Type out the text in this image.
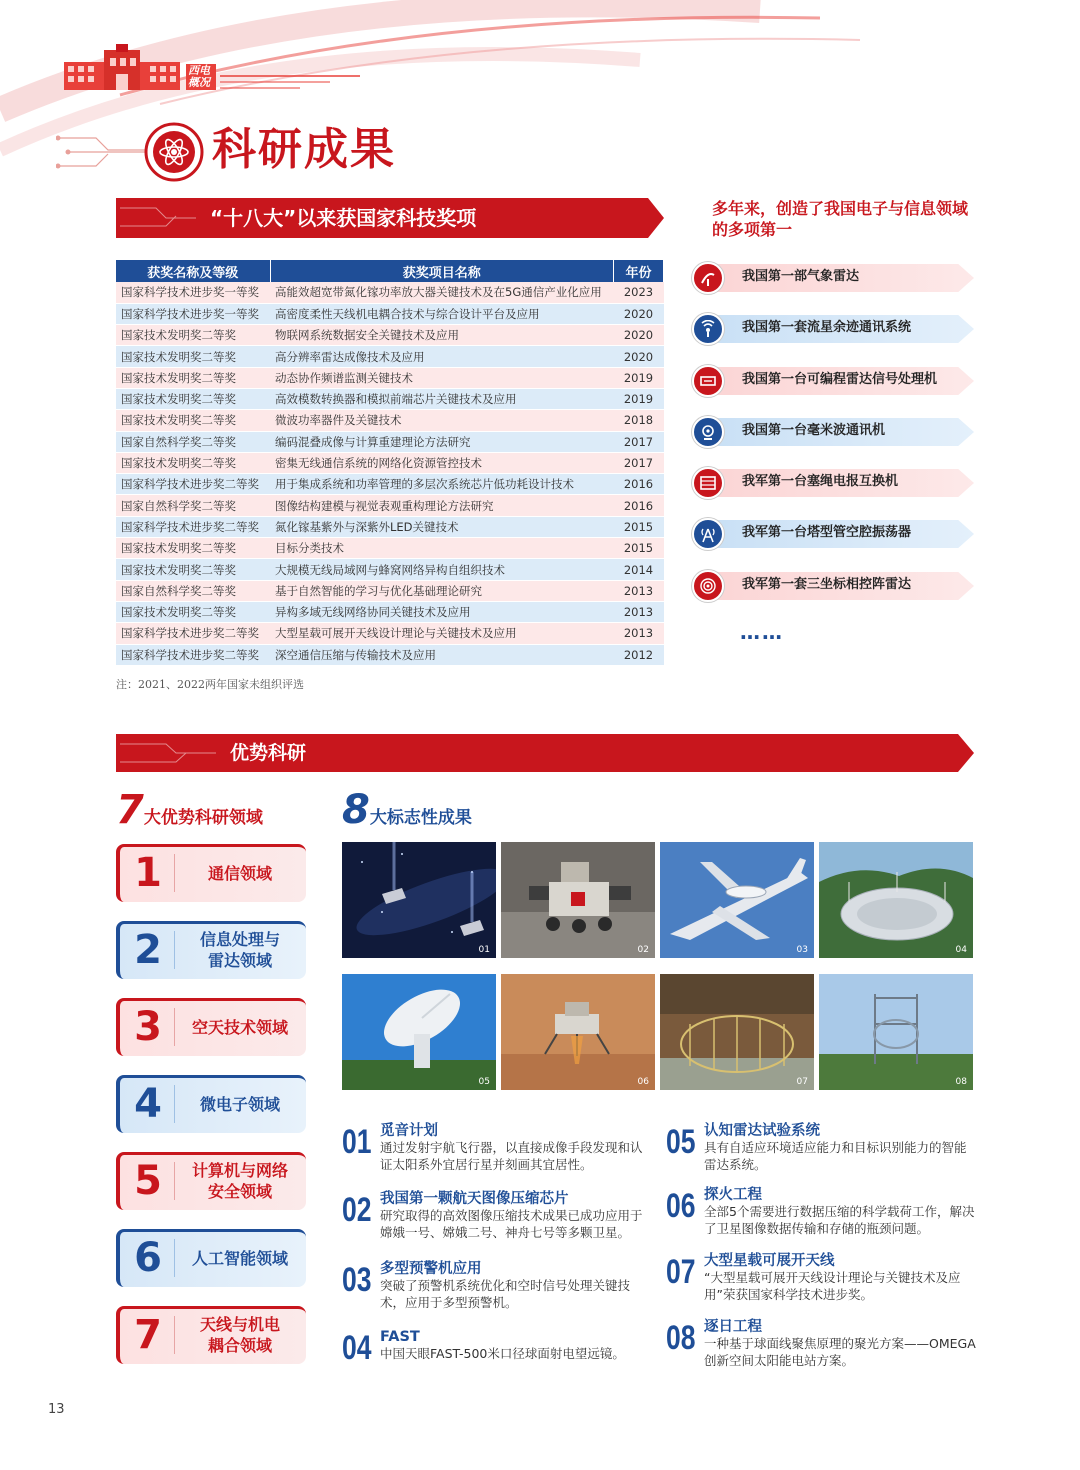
西电概况
科研成果
“十八大”以来获国家科技奖项
获奖名称及等级	获奖项目名称	年份
国家科学技术进步奖一等奖	高能效超宽带氮化镓功率放大器关键技术及在5G通信产业化应用	2023
国家科学技术进步奖一等奖	高密度柔性天线机电耦合技术与综合设计平台及应用	2020
国家技术发明奖二等奖	物联网系统数据安全关键技术及应用	2020
国家技术发明奖二等奖	高分辨率雷达成像技术及应用	2020
国家技术发明奖二等奖	动态协作频谱监测关键技术	2019
国家技术发明奖二等奖	高效模数转换器和模拟前端芯片关键技术及应用	2019
国家技术发明奖二等奖	微波功率器件及关键技术	2018
国家自然科学奖二等奖	编码混叠成像与计算重建理论方法研究	2017
国家技术发明奖二等奖	密集无线通信系统的网络化资源管控技术	2017
国家科学技术进步奖二等奖	用于集成系统和功率管理的多层次系统芯片低功耗设计技术	2016
国家自然科学奖二等奖	图像结构建模与视觉表观重构理论方法研究	2016
国家科学技术进步奖二等奖	氮化镓基紫外与深紫外LED关键技术	2015
国家技术发明奖二等奖	目标分类技术	2015
国家技术发明奖二等奖	大规模无线局域网与蜂窝网络异构自组织技术	2014
国家自然科学奖二等奖	基于自然智能的学习与优化基础理论研究	2013
国家技术发明奖二等奖	异构多域无线网络协同关键技术及应用	2013
国家科学技术进步奖二等奖	大型星载可展开天线设计理论与关键技术及应用	2013
国家科学技术进步奖二等奖	深空通信压缩与传输技术及应用	2012
注：2021、2022两年国家未组织评选
多年来，创造了我国电子与信息领域的多项第一
我国第一部气象雷达
我国第一套流星余迹通讯系统
我国第一台可编程雷达信号处理机
我国第一台毫米波通讯机
我军第一台塞绳电报互换机
我军第一台塔型管空腔振荡器
我军第一套三坐标相控阵雷达
……
优势科研
7大优势科研领域
1	通信领域
2	信息处理与雷达领域
3	空天技术领域
4	微电子领域
5	计算机与网络安全领域
6	人工智能领域
7	天线与机电耦合领域
8大标志性成果
01	02	03	04
05	06	07	08
01 觅音计划
通过发射宇航飞行器，以直接成像手段发现和认证太阳系外宜居行星并刻画其宜居性。
02 我国第一颗航天图像压缩芯片
研究取得的高效图像压缩技术成果已成功应用于嫦娥一号、嫦娥二号、神舟七号等多颗卫星。
03 多型预警机应用
突破了预警机系统优化和空时信号处理关键技术，应用于多型预警机。
04 FAST
中国天眼FAST-500米口径球面射电望远镜。
05 认知雷达试验系统
具有自适应环境适应能力和目标识别能力的智能雷达系统。
06 探火工程
全部5个需要进行数据压缩的科学载荷工作，解决了卫星图像数据传输和存储的瓶颈问题。
07 大型星载可展开天线
“大型星载可展开天线设计理论与关键技术及应用”荣获国家科学技术进步奖。
08 逐日工程
一种基于球面线聚焦原理的聚光方案——OMEGA创新空间太阳能电站方案。
13
